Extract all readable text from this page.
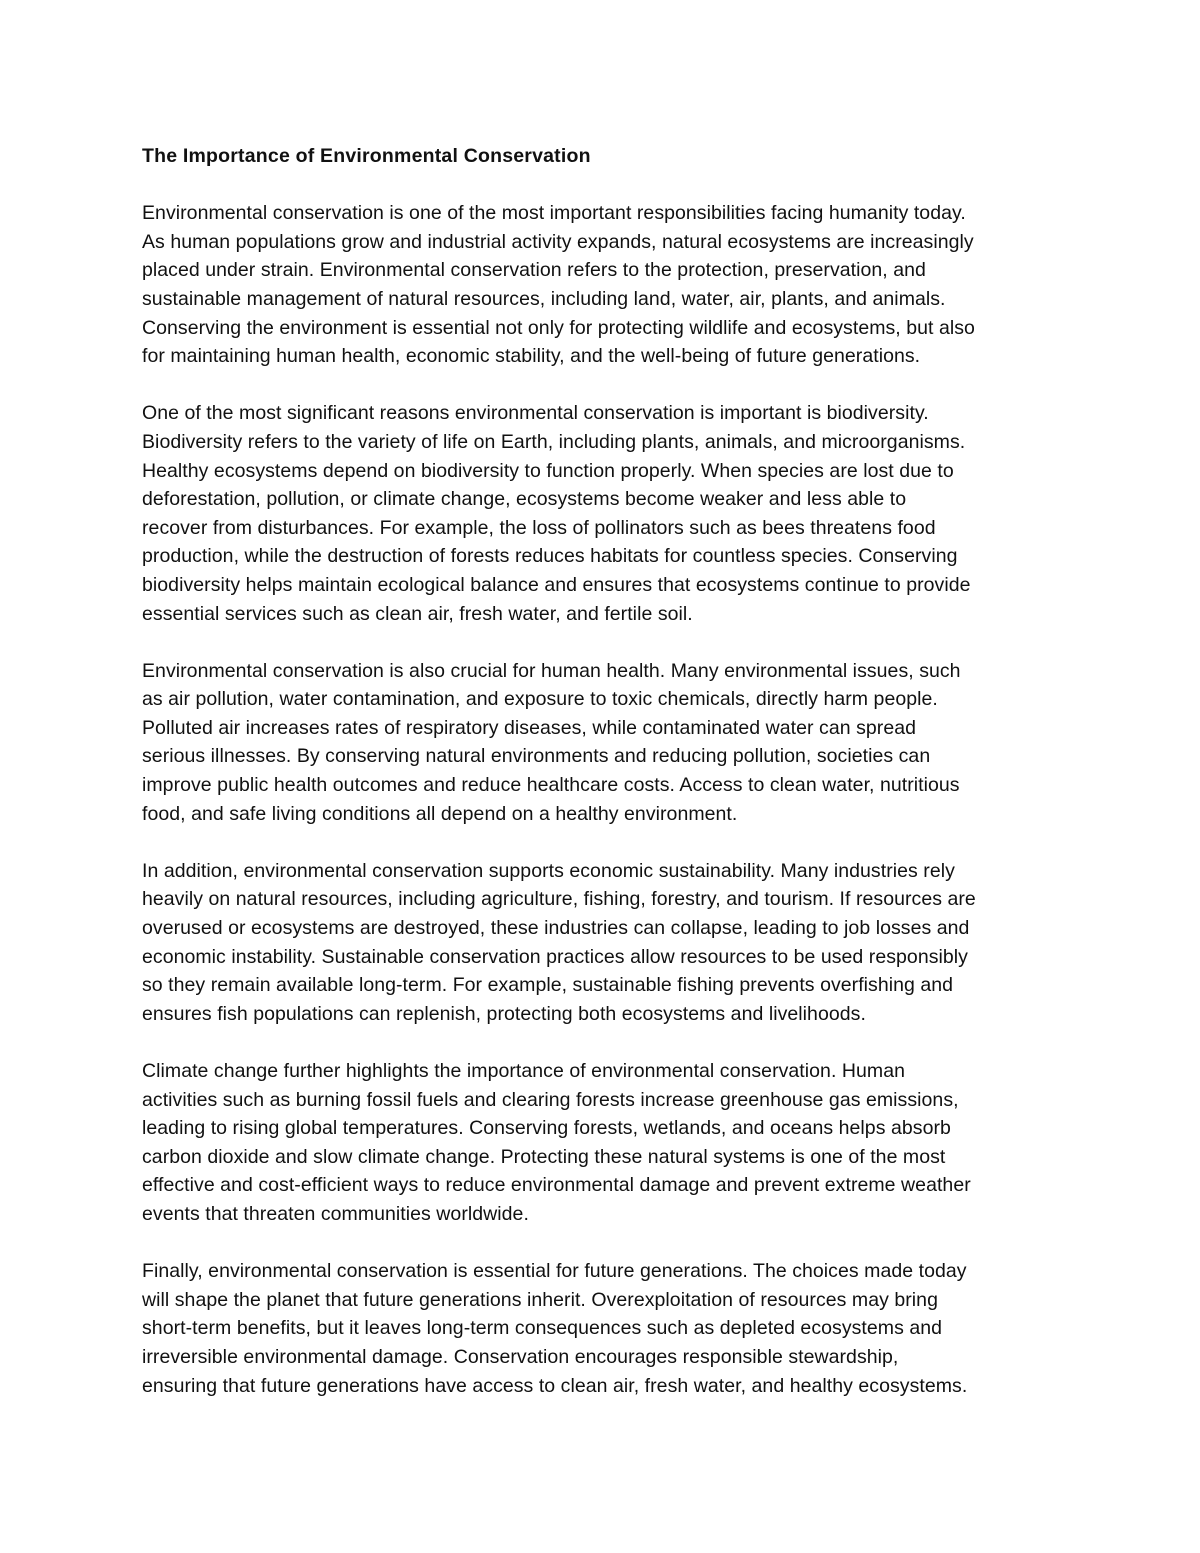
The Importance of Environmental Conservation

Environmental conservation is one of the most important responsibilities facing humanity today.
As human populations grow and industrial activity expands, natural ecosystems are increasingly
placed under strain. Environmental conservation refers to the protection, preservation, and
sustainable management of natural resources, including land, water, air, plants, and animals.
Conserving the environment is essential not only for protecting wildlife and ecosystems, but also
for maintaining human health, economic stability, and the well-being of future generations.

One of the most significant reasons environmental conservation is important is biodiversity.
Biodiversity refers to the variety of life on Earth, including plants, animals, and microorganisms.
Healthy ecosystems depend on biodiversity to function properly. When species are lost due to
deforestation, pollution, or climate change, ecosystems become weaker and less able to
recover from disturbances. For example, the loss of pollinators such as bees threatens food
production, while the destruction of forests reduces habitats for countless species. Conserving
biodiversity helps maintain ecological balance and ensures that ecosystems continue to provide
essential services such as clean air, fresh water, and fertile soil.

Environmental conservation is also crucial for human health. Many environmental issues, such
as air pollution, water contamination, and exposure to toxic chemicals, directly harm people.
Polluted air increases rates of respiratory diseases, while contaminated water can spread
serious illnesses. By conserving natural environments and reducing pollution, societies can
improve public health outcomes and reduce healthcare costs. Access to clean water, nutritious
food, and safe living conditions all depend on a healthy environment.

In addition, environmental conservation supports economic sustainability. Many industries rely
heavily on natural resources, including agriculture, fishing, forestry, and tourism. If resources are
overused or ecosystems are destroyed, these industries can collapse, leading to job losses and
economic instability. Sustainable conservation practices allow resources to be used responsibly
so they remain available long-term. For example, sustainable fishing prevents overfishing and
ensures fish populations can replenish, protecting both ecosystems and livelihoods.

Climate change further highlights the importance of environmental conservation. Human
activities such as burning fossil fuels and clearing forests increase greenhouse gas emissions,
leading to rising global temperatures. Conserving forests, wetlands, and oceans helps absorb
carbon dioxide and slow climate change. Protecting these natural systems is one of the most
effective and cost-efficient ways to reduce environmental damage and prevent extreme weather
events that threaten communities worldwide.

Finally, environmental conservation is essential for future generations. The choices made today
will shape the planet that future generations inherit. Overexploitation of resources may bring
short-term benefits, but it leaves long-term consequences such as depleted ecosystems and
irreversible environmental damage. Conservation encourages responsible stewardship,
ensuring that future generations have access to clean air, fresh water, and healthy ecosystems.
